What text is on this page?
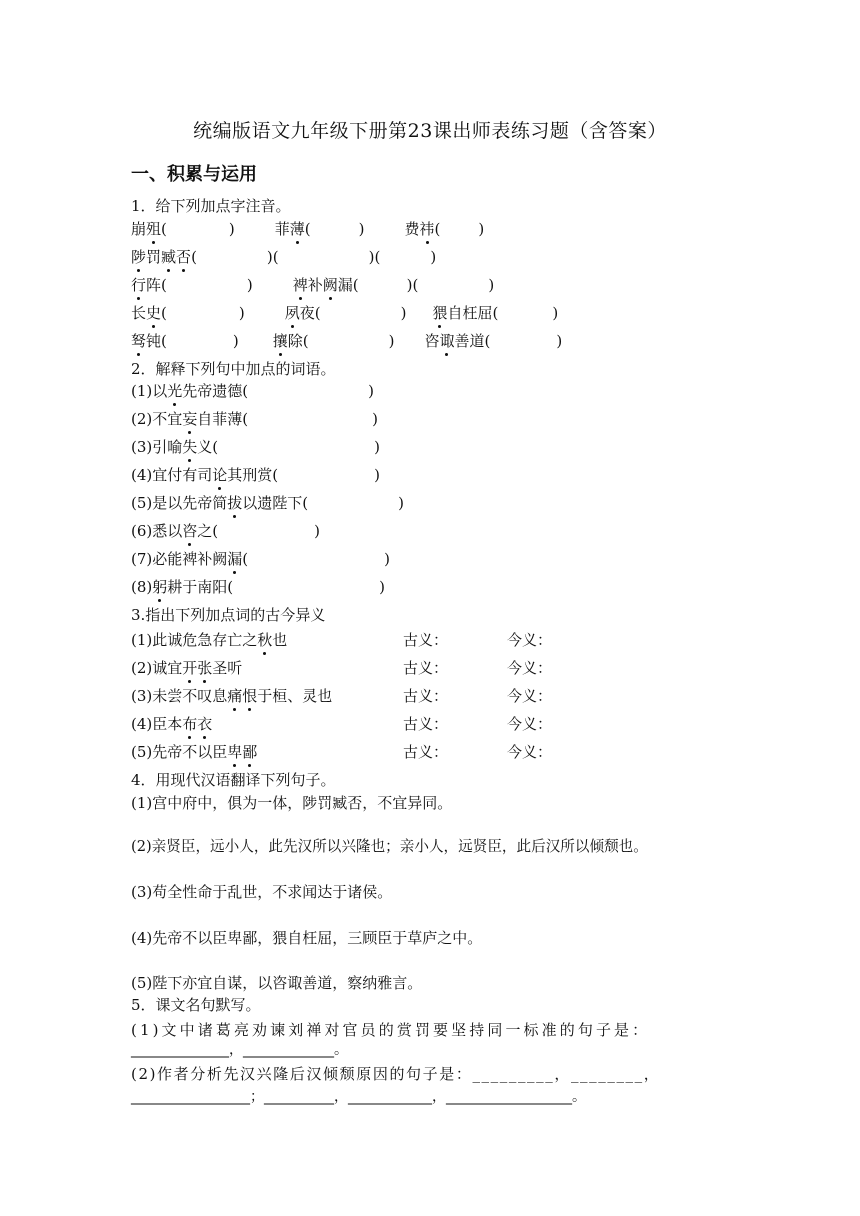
统编版语文九年级下册第23课出师表练习题（含答案）
一、积累与运用
1．给下列加点字注音。
崩殂(	)	菲薄(	)	费祎(	)
陟罚臧否(	)(	)(	)
行阵(	)	裨补阙漏(	)(	)
长史(	)	夙夜(	) 猥自枉屈(	)
驽钝(	) 攘除(	) 咨诹善道(	)
2．解释下列句中加点的词语。
(1)以光先帝遗德(	)
(2)不宜妄自菲薄(	)
(3)引喻失义(	)
(4)宜付有司论其刑赏(	)
(5)是以先帝简拔以遗陛下(	)
(6)悉以咨之(	)
(7)必能裨补阙漏(	)
(8)躬耕于南阳(	)
3.指出下列加点词的古今异义
(1)此诚危急存亡之秋也	古义：	今义：
(2)诚宜开张圣听	古义：	今义：
(3)未尝不叹息痛恨于桓、灵也	古义：	今义：
(4)臣本布衣	古义：	今义：
(5)先帝不以臣卑鄙	古义：	今义：
4．用现代汉语翻译下列句子。
(1)宫中府中，俱为一体，陟罚臧否，不宜异同。
(2)亲贤臣，远小人，此先汉所以兴隆也；亲小人，远贤臣，此后汉所以倾颓也。
(3)苟全性命于乱世，不求闻达于诸侯。
(4)先帝不以臣卑鄙，猥自枉屈，三顾臣于草庐之中。
(5)陛下亦宜自谋，以咨诹善道，察纳雅言。
5．课文名句默写。
(1)文中诸葛亮劝谏刘禅对官员的赏罚要坚持同一标准的句子是：
______________，_____________。
(2)作者分析先汉兴隆后汉倾颓原因的句子是：_________，________，
_________________；__________，____________，__________________。
